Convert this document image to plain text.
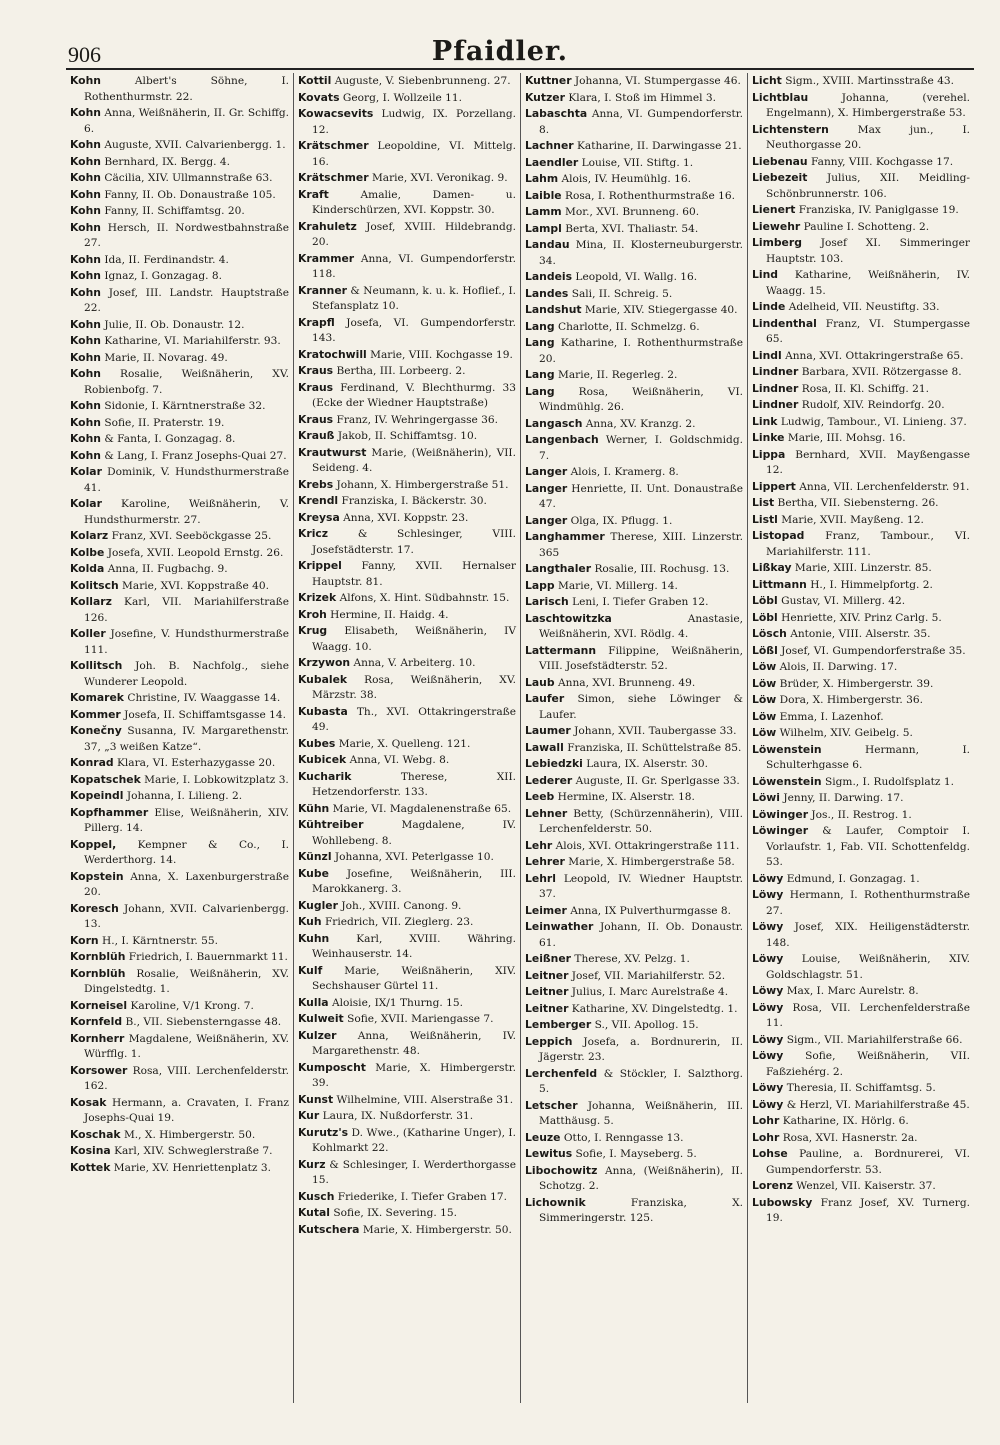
906	Pfaidler.

Kohn	Albert's Söhne, I. Rothenthurmstr. 22.

Kohn Anna, Weißnäherin, II. Gr. Schiffg. 6.

Kohn Auguste, XVII. Calvarienbergg. 1.

Kohn Bernhard, IX. Bergg. 4.

Kohn Cäcilia, XIV. Ullmannstraße 63.

Kohn Fanny, II. Ob. Donaustraße 105.

Kohn Fanny, II. Schiffamtsg. 20.

Kohn Hersch, II. Nordwestbahnstraße 27.

Kohn Ida, II. Ferdinandstr. 4.

Kohn Ignaz, I. Gonzagag. 8.

Kohn Josef, III. Landstr. Hauptstraße 22.

Kohn Julie, II. Ob. Donaustr. 12.

Kohn Katharine, VI. Mariahilferstr. 93.

Kohn Marie, II. Novarag. 49.

Kohn Rosalie, Weißnäherin, XV. Robienbofg. 7.

Kohn Sidonie, I. Kärntnerstraße 32.

Kohn Sofie, II. Praterstr. 19.

Kohn & Fanta, I. Gonzagag. 8.

Kohn & Lang, I. Franz Josephs-Quai 27.

Kolar Dominik, V. Hundsthurmerstraße 41.

Kolar Karoline, Weißnäherin, V. Hundsthurmerstr. 27.

Kolarz Franz, XVI. Seeböckgasse 25.

Kolbe Josefa, XVII. Leopold Ernstg. 26.

Kolda Anna, II. Fugbachg. 9.

Kolitsch Marie, XVI. Koppstraße 40.

Kollarz Karl, VII. Mariahilferstraße 126.

Koller Josefine, V. Hundsthurmerstraße 111.

Kollitsch Joh. B. Nachfolg., siehe Wunderer Leopold.

Komarek Christine, IV. Waaggasse 14.

Kommer Josefa, II. Schiffamtsgasse 14.

Konečny Susanna, IV. Margarethenstr. 37, „3 weißen Katze“.

Konrad Klara, VI. Esterhazygasse 20.

Kopatschek Marie, I. Lobkowitzplatz 3.

Kopeindl Johanna, I. Lilieng. 2.

Kopfhammer Elise, Weißnäherin, XIV. Pillerg. 14.

Koppel, Kempner & Co., I. Werderthorg. 14.

Kopstein Anna, X. Laxenburgerstraße 20.

Koresch Johann, XVII. Calvarienbergg. 13.

Korn H., I. Kärntnerstr. 55.

Kornblüh Friedrich, I. Bauernmarkt 11.

Kornblüh Rosalie, Weißnäherin, XV. Dingelstedtg. 1.

Korneisel Karoline, V/1 Krong. 7.

Kornfeld B., VII. Siebensterngasse 48.

Kornherr Magdalene, Weißnäherin, XV. Würfflg. 1.

Korsower Rosa, VIII. Lerchenfelderstr. 162.

Kosak Hermann, a. Cravaten, I. Franz Josephs-Quai 19.

Koschak M., X. Himbergerstr. 50.

Kosina Karl, XIV. Schweglerstraße 7.

Kottek Marie, XV. Henriettenplatz 3.

Kottil Auguste, V. Siebenbrunneng. 27.

Kovats Georg, I. Wollzeile 11.

Kowacsevits Ludwig, IX. Porzellang. 12.

Krätschmer Leopoldine, VI. Mittelg. 16.

Krätschmer Marie, XVI. Veronikag. 9.

Kraft	Amalie, Damen- u. Kinderschürzen, XVI. Koppstr. 30.

Krahuletz Josef, XVIII. Hildebrandg. 20.

Krammer Anna, VI. Gumpendorferstr. 118.

Kranner & Neumann, k. u. k. Hoflief., I. Stefansplatz 10.

Krapfl Josefa, VI. Gumpendorferstr. 143.

Kratochwill Marie, VIII. Kochgasse 19.

Kraus Bertha, III. Lorbeerg. 2.

Kraus Ferdinand, V. Blechthurmg. 33 (Ecke der Wiedner Hauptstraße)

Kraus Franz, IV. Wehringergasse 36.

Krauß Jakob, II. Schiffamtsg. 10.

Krautwurst Marie, (Weißnäherin), VII. Seideng. 4.

Krebs Johann, X. Himbergerstraße 51.

Krendl Franziska, I. Bäckerstr. 30.

Kreysa Anna, XVI. Koppstr. 23.

Kricz	& Schlesinger, VIII. Josefstädterstr. 17.

Krippel Fanny, XVII. Hernalser Hauptstr. 81.

Krizek Alfons, X. Hint. Südbahnstr. 15.

Kroh Hermine, II. Haidg. 4.

Krug Elisabeth, Weißnäherin, IV Waagg. 10.

Krzywon Anna, V. Arbeiterg. 10.

Kubalek Rosa, Weißnäherin, XV. Märzstr. 38.

Kubasta Th., XVI. Ottakringerstraße 49.

Kubes Marie, X. Quelleng. 121.

Kubicek Anna, VI. Webg. 8.

Kucharik	Therese, XII. Hetzendorferstr. 133.

Kühn Marie, VI. Magdalenenstraße 65.

Kühtreiber	Magdalene, IV. Wohllebeng. 8.

Künzl Johanna, XVI. Peterlgasse 10.

Kube Josefine, Weißnäherin, III. Marokkanerg. 3.

Kugler Joh., XVIII. Canong. 9.

Kuh Friedrich, VII. Zieglerg. 23.

Kuhn	Karl, XVIII. Währing. Weinhauserstr. 14.

Kulf Marie, Weißnäherin, XIV. Sechshauser Gürtel 11.

Kulla Aloisie, IX/1 Thurng. 15.

Kulweit Sofie, XVII. Mariengasse 7.

Kulzer Anna, Weißnäherin, IV. Margarethenstr. 48.

Kumposcht Marie, X. Himbergerstr. 39.

Kunst Wilhelmine, VIII. Alserstraße 31.

Kur Laura, IX. Nußdorferstr. 31.

Kurutz's D. Wwe., (Katharine Unger), I. Kohlmarkt 22.

Kurz & Schlesinger, I. Werderthorgasse 15.

Kusch Friederike, I. Tiefer Graben 17.

Kutal Sofie, IX. Severing. 15.

Kutschera Marie, X. Himbergerstr. 50.

Kuttner Johanna, VI. Stumpergasse 46.

Kutzer Klara, I. Stoß im Himmel 3.

Labaschta Anna, VI. Gumpendorferstr. 8.

Lachner Katharine, II. Darwingasse 21.

Laendler Louise, VII. Stiftg. 1.

Lahm Alois, IV. Heumühlg. 16.

Laible Rosa, I. Rothenthurmstraße 16.

Lamm Mor., XVI. Brunneng. 60.

Lampl Berta, XVI. Thaliastr. 54.

Landau Mina, II. Klosterneuburgerstr. 34.

Landeis Leopold, VI. Wallg. 16.

Landes Sali, II. Schreig. 5.

Landshut Marie, XIV. Stiegergasse 40.

Lang Charlotte, II. Schmelzg. 6.

Lang Katharine, I. Rothenthurmstraße 20.

Lang Marie, II. Regerleg. 2.

Lang Rosa, Weißnäherin, VI. Windmühlg. 26.

Langasch Anna, XV. Kranzg. 2.

Langenbach Werner, I. Goldschmidg. 7.

Langer Alois, I. Kramerg. 8.

Langer Henriette, II. Unt. Donaustraße 47.

Langer Olga, IX. Pflugg. 1.

Langhammer Therese, XIII. Linzerstr. 365

Langthaler Rosalie, III. Rochusg. 13.

Lapp Marie, VI. Millerg. 14.

Larisch Leni, I. Tiefer Graben 12.

Laschtowitzka	Anastasie, Weißnäherin, XVI. Rödlg. 4.

Lattermann Filippine, Weißnäherin, VIII. Josefstädterstr. 52.

Laub Anna, XVI. Brunneng. 49.

Laufer Simon, siehe Löwinger & Laufer.

Laumer Johann, XVII. Taubergasse 33.

Lawall Franziska, II. Schüttelstraße 85.

Lebiedzki Laura, IX. Alserstr. 30.

Lederer Auguste, II. Gr. Sperlgasse 33.

Leeb Hermine, IX. Alserstr. 18.

Lehner Betty, (Schürzennäherin), VIII. Lerchenfelderstr. 50.

Lehr Alois, XVI. Ottakringerstraße 111.

Lehrer Marie, X. Himbergerstraße 58.

Lehrl Leopold, IV. Wiedner Hauptstr. 37.

Leimer Anna, IX Pulverthurmgasse 8.

Leinwather Johann, II. Ob. Donaustr. 61.

Leißner Therese, XV. Pelzg. 1.

Leitner Josef, VII. Mariahilferstr. 52.

Leitner Julius, I. Marc Aurelstraße 4.

Leitner Katharine, XV. Dingelstedtg. 1.

Lemberger S., VII. Apollog. 15.

Leppich Josefa, a. Bordnurerin, II. Jägerstr. 23.

Lerchenfeld & Stöckler, I. Salzthorg. 5.

Letscher Johanna, Weißnäherin, III. Matthäusg. 5.

Leuze Otto, I. Renngasse 13.

Lewitus Sofie, I. Mayseberg. 5.

Libochowitz Anna, (Weißnäherin), II. Schotzg. 2.

Lichownik	Franziska, X. Simmeringerstr. 125.

Licht Sigm., XVIII. Martinsstraße 43.

Lichtblau	Johanna, (verehel. Engelmann), X. Himbergerstraße 53.

Lichtenstern	Max jun., I. Neuthorgasse 20.

Liebenau Fanny, VIII. Kochgasse 17.

Liebezeit Julius, XII. Meidling-Schönbrunnerstr. 106.

Lienert Franziska, IV. Paniglgasse 19.

Liewehr Pauline I. Schotteng. 2.

Limberg Josef XI. Simmeringer Hauptstr. 103.

Lind Katharine, Weißnäherin, IV. Waagg. 15.

Linde Adelheid, VII. Neustiftg. 33.

Lindenthal Franz, VI. Stumpergasse 65.

Lindl Anna, XVI. Ottakringerstraße 65.

Lindner Barbara, XVII. Rötzergasse 8.

Lindner Rosa, II. Kl. Schiffg. 21.

Lindner Rudolf, XIV. Reindorfg. 20.

Link Ludwig, Tambour., VI. Linieng. 37.

Linke Marie, III. Mohsg. 16.

Lippa Bernhard, XVII. Mayßengasse 12.

Lippert Anna, VII. Lerchenfelderstr. 91.

List Bertha, VII. Siebensterng. 26.

Listl Marie, XVII. Mayßeng. 12.

Listopad Franz, Tambour., VI. Mariahilferstr. 111.

Lißkay Marie, XIII. Linzerstr. 85.

Littmann H., I. Himmelpfortg. 2.

Löbl Gustav, VI. Millerg. 42.

Löbl Henriette, XIV. Prinz Carlg. 5.

Lösch Antonie, VIII. Alserstr. 35.

Lößl Josef, VI. Gumpendorferstraße 35.

Löw Alois, II. Darwing. 17.

Löw Brüder, X. Himbergerstr. 39.

Löw Dora, X. Himbergerstr. 36.

Löw Emma, I. Lazenhof.

Löw Wilhelm, XIV. Geibelg. 5.

Löwenstein	Hermann, I. Schulterhgasse 6.

Löwenstein Sigm., I. Rudolfsplatz 1.

Löwi Jenny, II. Darwing. 17.

Löwinger Jos., II. Restrog. 1.

Löwinger & Laufer, Comptoir I. Vorlaufstr. 1, Fab. VII. Schottenfeldg. 53.

Löwy Edmund, I. Gonzagag. 1.

Löwy Hermann, I. Rothenthurmstraße 27.

Löwy Josef, XIX. Heiligenstädterstr. 148.

Löwy Louise, Weißnäherin, XIV. Goldschlagstr. 51.

Löwy Max, I. Marc Aurelstr. 8.

Löwy Rosa, VII. Lerchenfelderstraße 11.

Löwy Sigm., VII. Mariahilferstraße 66.

Löwy Sofie, Weißnäherin, VII. Faßziehérg. 2.

Löwy Theresia, II. Schiffamtsg. 5.

Löwy & Herzl, VI. Mariahilferstraße 45.

Lohr Katharine, IX. Hörlg. 6.

Lohr Rosa, XVI. Hasnerstr. 2a.

Lohse Pauline, a. Bordnurerei, VI. Gumpendorferstr. 53.

Lorenz Wenzel, VII. Kaiserstr. 37.

Lubowsky Franz Josef, XV. Turnerg. 19.
